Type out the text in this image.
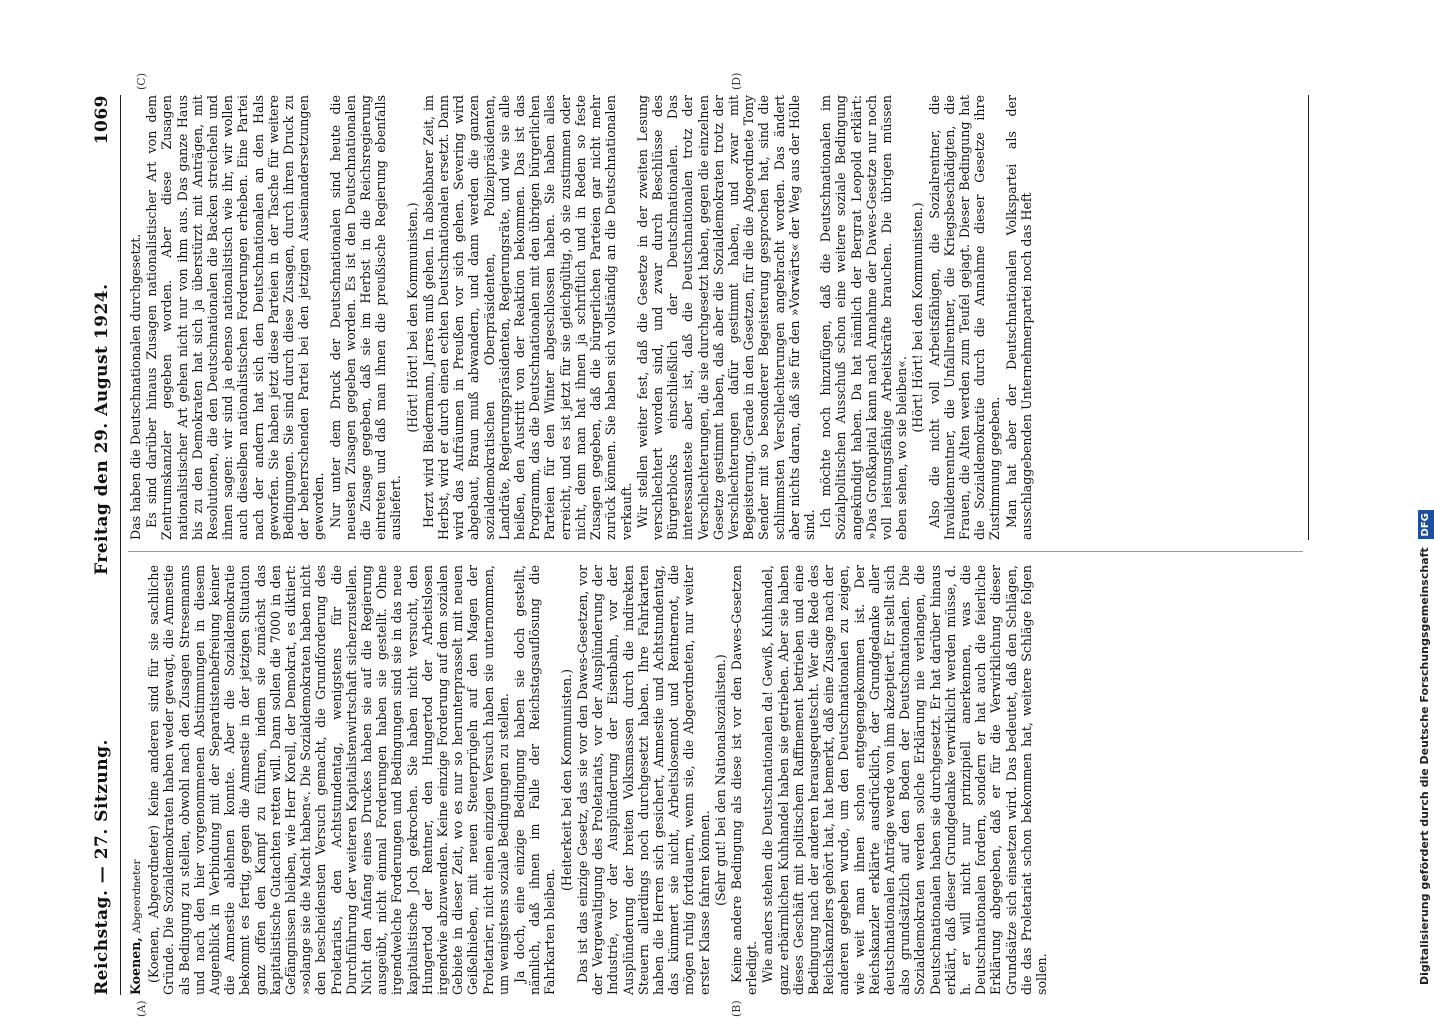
Reichstag. — 27. Sitzung.
Freitag den 29. August 1924.
1069
(A)	(B)
(C)	(D)

Koenen, Abgeordneter (Koenen, Abgeordneter) Keine anderen sind für sie sachliche Gründe. Die Sozialdemokraten haben weder gewagt, die Amnestie als Bedingung zu stellen, obwohl nach den Zusagen Stresemanns und nach den hier vorgenommenen Abstimmungen in diesem Augenblick in Verbindung mit der Separatistenbefreiung keiner die Amnestie ablehnen konnte. Aber die Sozialdemokratie bekommt es fertig, gegen die Amnestie in der jetzigen Situation ganz offen den Kampf zu führen, indem sie zunächst das kapitalistische Gutachten retten will. Dann sollen die 7000 in den Gefängnissen bleiben, wie Herr Korell, der Demokrat, es diktiert: »solange sie die Macht haben«. Die Sozialdemokraten haben nicht den bescheidensten Versuch gemacht, die Grundforderung des Proletariats, den Achtstundentag, wenigstens für die Durchführung der weiteren Kapitalistenwirtschaft sicherzustellen. Nicht den Anfang eines Druckes haben sie auf die Regierung ausgeübt, nicht einmal Forderungen haben sie gestellt. Ohne irgendwelche Forderungen und Bedingungen sind sie in das neue kapitalistische Joch gekrochen. Sie haben nicht versucht, den Hungertod der Rentner, den Hungertod der Arbeitslosen irgendwie abzuwenden. Keine einzige Forderung auf dem sozialen Gebiete in dieser Zeit, wo es nur so herunterprasselt mit neuen Geißelhieben, mit neuen Steuerprügeln auf den Magen der Proletarier, nicht einen einzigen Versuch haben sie unternommen, um wenigstens soziale Bedingungen zu stellen. Ja doch, eine einzige Bedingung haben sie doch gestellt, nämlich, daß ihnen im Falle der Reichstagsauflösung die Fahrkarten bleiben.

(Heiterkeit bei den Kommunisten.) Das ist das einzige Gesetz, das sie vor den Dawes-Gesetzen, vor der Vergewaltigung des Proletariats, vor der Ausplünderung der Industrie, vor der Ausplünderung der Eisenbahn, vor der Ausplünderung der breiten Volksmassen durch die indirekten Steuern allerdings noch durchgesetzt haben. Ihre Fahrkarten haben die Herren sich gesichert, Amnestie und Achtstundentag, das kümmert sie nicht, Arbeitslosennot und Rentnernot, die mögen ruhig fortdauern, wenn sie, die Abgeordneten, nur weiter erster Klasse fahren können. (Sehr gut! bei den Nationalsozialisten.) Keine andere Bedingung als diese ist vor den Dawes-Gesetzen erledigt. Wie anders stehen die Deutschnationalen da! Gewiß, Kuhhandel, ganz erbärmlichen Kuhhandel haben sie getrieben. Aber sie haben dieses Geschäft mit politischem Raffinement betrieben und eine Bedingung nach der anderen herausgequetscht. Wer die Rede des Reichskanzlers gehört hat, hat bemerkt, daß eine Zusage nach der anderen gegeben wurde, um den Deutschnationalen zu zeigen, wie weit man ihnen schon entgegengekommen ist. Der Reichskanzler erklärte ausdrücklich, der Grundgedanke aller deutschnationalen Anträge werde von ihm akzeptiert. Er stellt sich also grundsätzlich auf den Boden der Deutschnationalen. Die Sozialdemokraten werden solche Erklärung nie verlangen, die Deutschnationalen haben sie durchgesetzt. Er hat darüber hinaus erklärt, daß dieser Grundgedanke verwirklicht werden müsse, d. h. er will nicht nur prinzipiell anerkennen, was die Deutschnationalen fordern, sondern er hat auch die feierliche Erklärung abgegeben, daß er für die Verwirklichung dieser Grundsätze sich einsetzen wird. Das bedeutet, daß den Schlägen, die das Proletariat schon bekommen hat, weitere Schläge folgen sollen.

Das haben die Deutschnationalen durchgesetzt. Es sind darüber hinaus Zusagen nationalistischer Art von dem Zentrumskanzler gegeben worden. Aber diese Zusagen nationalistischer Art gehen nicht nur von ihm aus. Das ganze Haus bis zu den Demokraten hat sich ja überstürzt mit Anträgen, mit Resolutionen, die den Deutschnationalen die Backen streicheln und ihnen sagen: wir sind ja ebenso nationalistisch wie ihr, wir wollen auch dieselben nationalistischen Forderungen erheben. Eine Partei nach der andern hat sich den Deutschnationalen an den Hals geworfen. Sie haben jetzt diese Parteien in der Tasche für weitere Bedingungen. Sie sind durch diese Zusagen, durch ihren Druck zu der beherrschenden Partei bei den jetzigen Auseinandersetzungen geworden. Nur unter dem Druck der Deutschnationalen sind heute die neuesten Zusagen gegeben worden. Es ist den Deutschnationalen die Zusage gegeben, daß sie im Herbst in die Reichsregierung eintreten und daß man ihnen die preußische Regierung ebenfalls ausliefert.

(Hört! Hört! bei den Kommunisten.) Herzt wird Biedermann, Jarres muß gehen. In absehbarer Zeit, im Herbst, wird er durch einen echten Deutschnationalen ersetzt. Dann wird das Aufräumen in Preußen vor sich gehen. Severing wird abgebaut, Braun muß abwandern, und dann werden die ganzen sozialdemokratischen Oberpräsidenten, Polizeipräsidenten, Landräte, Regierungspräsidenten, Regierungsräte, und wie sie alle heißen, den Austritt von der Reaktion bekommen. Das ist das Programm, das die Deutschnationalen mit den übrigen bürgerlichen Parteien für den Winter abgeschlossen haben. Sie haben alles erreicht, und es ist jetzt für sie gleichgültig, ob sie zustimmen oder nicht, denn man hat ihnen ja schriftlich und in Reden so feste Zusagen gegeben, daß die bürgerlichen Parteien gar nicht mehr zurück können. Sie haben sich vollständig an die Deutschnationalen verkauft. Wir stellen weiter fest, daß die Gesetze in der zweiten Lesung verschlechtert worden sind, und zwar durch Beschlüsse des Bürgerblocks einschließlich der Deutschnationalen. Das interessanteste aber ist, daß die Deutschnationalen trotz der Verschlechterungen, die sie durchgesetzt haben, gegen die einzelnen Gesetze gestimmt haben, daß aber die Sozialdemokraten trotz der Verschlechterungen dafür gestimmt haben, und zwar mit Begeisterung. Gerade in den Gesetzen, für die die Abgeordnete Tony Sender mit so besonderer Begeisterung gesprochen hat, sind die schlimmsten Verschlechterungen angebracht worden. Das ändert aber nichts daran, daß sie für den »Vorwärts« der Weg aus der Hölle sind. Ich möchte noch hinzufügen, daß die Deutschnationalen im Sozialpolitischen Ausschuß schon eine weitere soziale Bedingung angekündigt haben. Da hat nämlich der Bergrat Leopold erklärt: »Das Großkapital kann nach Annahme der Dawes-Gesetze nur noch voll leistungsfähige Arbeitskräfte brauchen. Die übrigen müssen eben sehen, wo sie bleiben«.

(Hört! Hört! bei den Kommunisten.) Also die nicht voll Arbeitsfähigen, die Sozialrentner, die Invalidenrentner, die Unfallrentner, die Kriegsbeschädigten, die Frauen, die Alten werden zum Teufel gejagt. Dieser Bedingung hat die Sozialdemokratie durch die Annahme dieser Gesetze ihre Zustimmung gegeben. Man hat aber der Deutschnationalen Volkspartei als der ausschlaggebenden Unternehmerpartei noch das Heft

Digitalisierung gefördert durch die Deutsche Forschungsgemeinschaft DFG
